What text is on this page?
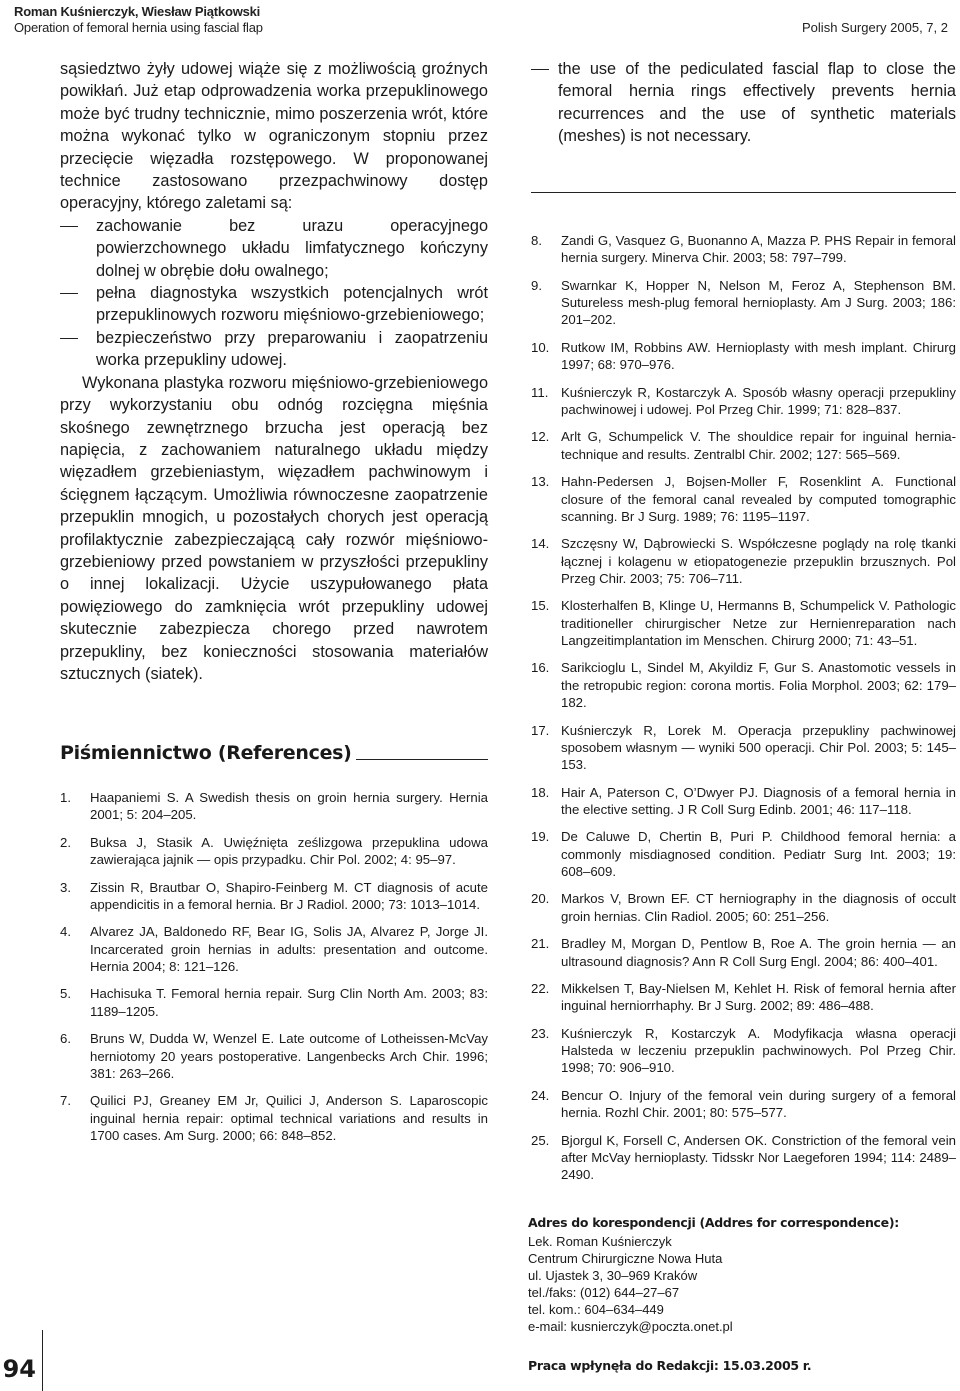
Roman Kuśnierczyk, Wiesław Piątkowski
Operation of femoral hernia using fascial flap	Polish Surgery 2005, 7, 2

sąsiedztwo żyły udowej wiąże się z możliwością groźnych powikłań. Już etap odprowadzenia worka przepuklinowego może być trudny technicznie, mimo poszerzenia wrót, które można wykonać tylko w ograniczonym stopniu przez przecięcie więzadła rozstępowego. W proponowanej technice zastosowano przezpachwinowy dostęp operacyjny, którego zaletami są:

zachowanie bez urazu operacyjnego powierzchownego układu limfatycznego kończyny dolnej w obrębie dołu owalnego;
pełna diagnostyka wszystkich potencjalnych wrót przepuklinowych rozworu mięśniowo-grzebieniowego;
bezpieczeństwo przy preparowaniu i zaopatrzeniu worka przepukliny udowej.

Wykonana plastyka rozworu mięśniowo-grzebieniowego przy wykorzystaniu obu odnóg rozcięgna mięśnia skośnego zewnętrznego brzucha jest operacją bez napięcia, z zachowaniem naturalnego układu między więzadłem grzebieniastym, więzadłem pachwinowym i ścięgnem łączącym. Umożliwia równoczesne zaopatrzenie przepuklin mnogich, u pozostałych chorych jest operacją profilaktycznie zabezpieczającą cały rozwór mięśniowo-grzebieniowy przed powstaniem w przyszłości przepukliny o innej lokalizacji. Użycie uszypułowanego płata powięziowego do zamknięcia wrót przepukliny udowej skutecznie zabezpiecza chorego przed nawrotem przepukliny, bez konieczności stosowania materiałów sztucznych (siatek).

the use of the pediculated fascial flap to close the femoral hernia rings effectively prevents hernia recurrences and the use of synthetic materials (meshes) is not necessary.
Piśmiennictwo (References)
1.	Haapaniemi S. A Swedish thesis on groin hernia surgery. Hernia 2001; 5: 204–205.
2.	Buksa J, Stasik A. Uwięźnięta ześlizgowa przepuklina udowa zawierająca jajnik — opis przypadku. Chir Pol. 2002; 4: 95–97.
3.	Zissin R, Brautbar O, Shapiro-Feinberg M. CT diagnosis of acute appendicitis in a femoral hernia. Br J Radiol. 2000; 73: 1013–1014.
4.	Alvarez JA, Baldonedo RF, Bear IG, Solis JA, Alvarez P, Jorge JI. Incarcerated groin hernias in adults: presentation and outcome. Hernia 2004; 8: 121–126.
5.	Hachisuka T. Femoral hernia repair. Surg Clin North Am. 2003; 83: 1189–1205.
6.	Bruns W, Dudda W, Wenzel E. Late outcome of Lotheissen-McVay herniotomy 20 years postoperative. Langenbecks Arch Chir. 1996; 381: 263–266.
7.	Quilici PJ, Greaney EM Jr, Quilici J, Anderson S. Laparoscopic inguinal hernia repair: optimal technical variations and results in 1700 cases. Am Surg. 2000; 66: 848–852.
8.	Zandi G, Vasquez G, Buonanno A, Mazza P. PHS Repair in femoral hernia surgery. Minerva Chir. 2003; 58: 797–799.
9.	Swarnkar K, Hopper N, Nelson M, Feroz A, Stephenson BM. Sutureless mesh-plug femoral hernioplasty. Am J Surg. 2003; 186: 201–202.
10. Rutkow IM, Robbins AW. Hernioplasty with mesh implant. Chirurg 1997; 68: 970–976.
11. Kuśnierczyk R, Kostarczyk A. Sposób własny operacji przepukliny pachwinowej i udowej. Pol Przeg Chir. 1999; 71: 828–837.
12. Arlt G, Schumpelick V. The shouldice repair for inguinal hernia-technique and results. Zentralbl Chir. 2002; 127: 565–569.
13. Hahn-Pedersen J, Bojsen-Moller F, Rosenklint A. Functional closure of the femoral canal revealed by computed tomographic scanning. Br J Surg. 1989; 76: 1195–1197.
14. Szczęsny W, Dąbrowiecki S. Współczesne poglądy na rolę tkanki łącznej i kolagenu w etiopatogenezie przepuklin brzusznych. Pol Przeg Chir. 2003; 75: 706–711.
15. Klosterhalfen B, Klinge U, Hermanns B, Schumpelick V. Pathologic traditioneller chirurgischer Netze zur Hernienreparation nach Langzeitimplantation im Menschen. Chirurg 2000; 71: 43–51.
16. Sarikcioglu L, Sindel M, Akyildiz F, Gur S. Anastomotic vessels in the retropubic region: corona mortis. Folia Morphol. 2003; 62: 179–182.
17. Kuśnierczyk R, Lorek M. Operacja przepukliny pachwinowej sposobem własnym — wyniki 500 operacji. Chir Pol. 2003; 5: 145–153.
18. Hair A, Paterson C, O’Dwyer PJ. Diagnosis of a femoral hernia in the elective setting. J R Coll Surg Edinb. 2001; 46: 117–118.
19. De Caluwe D, Chertin B, Puri P. Childhood femoral hernia: a commonly misdiagnosed condition. Pediatr Surg Int. 2003; 19: 608–609.
20. Markos V, Brown EF. CT herniography in the diagnosis of occult groin hernias. Clin Radiol. 2005; 60: 251–256.
21. Bradley M, Morgan D, Pentlow B, Roe A. The groin hernia — an ultrasound diagnosis? Ann R Coll Surg Engl. 2004; 86: 400–401.
22. Mikkelsen T, Bay-Nielsen M, Kehlet H. Risk of femoral hernia after inguinal herniorrhaphy. Br J Surg. 2002; 89: 486–488.
23. Kuśnierczyk R, Kostarczyk A. Modyfikacja własna operacji Halsteda w leczeniu przepuklin pachwinowych. Pol Przeg Chir. 1998; 70: 906–910.
24. Bencur O. Injury of the femoral vein during surgery of a femoral hernia. Rozhl Chir. 2001; 80: 575–577.
25. Bjorgul K, Forsell C, Andersen OK. Constriction of the femoral vein after McVay hernioplasty. Tidsskr Nor Laegeforen 1994; 114: 2489–2490.
Adres do korespondencji (Addres for correspondence):
Lek. Roman Kuśnierczyk
Centrum Chirurgiczne Nowa Huta
ul. Ujastek 3, 30–969 Kraków
tel./faks: (012) 644–27–67
tel. kom.: 604–634–449
e-mail: kusnierczyk@poczta.onet.pl
Praca wpłynęła do Redakcji: 15.03.2005 r.
94
